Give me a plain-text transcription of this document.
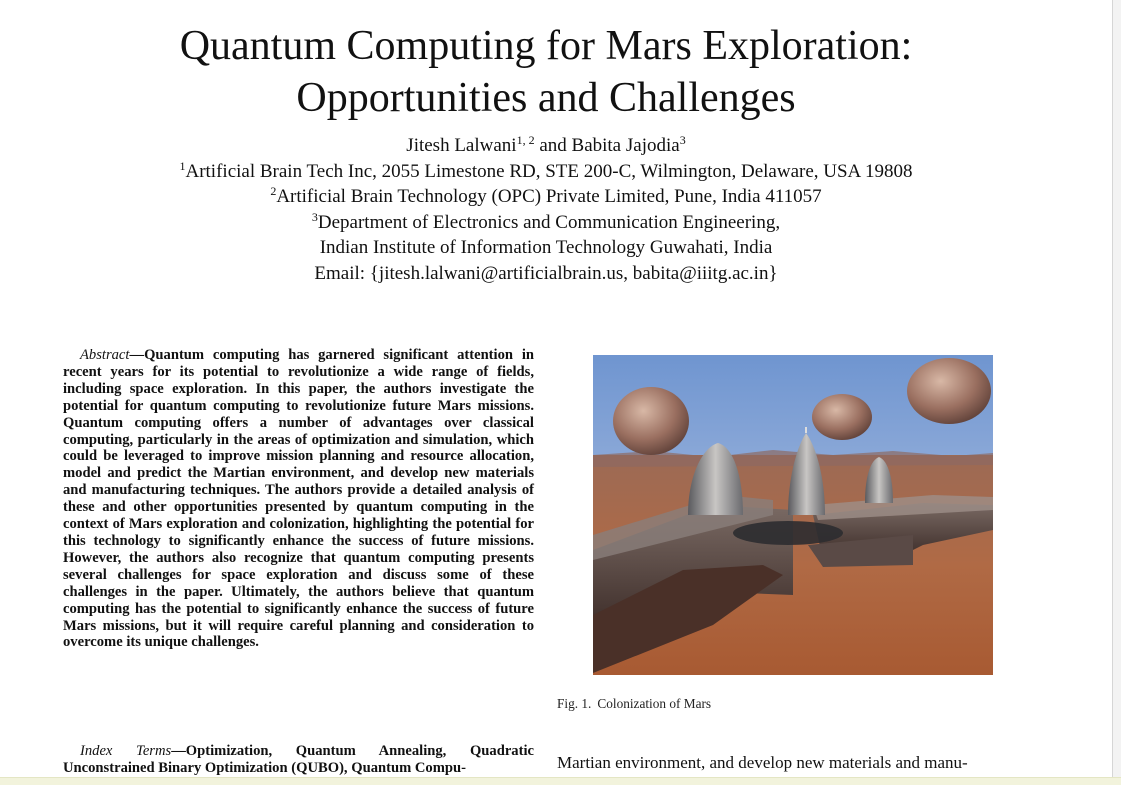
Quantum Computing for Mars Exploration:
Opportunities and Challenges
Jitesh Lalwani$^{1, 2}$ and Babita Jajodia$^3$
$^1$Artificial Brain Tech Inc, 2055 Limestone RD, STE 200-C, Wilmington, Delaware, USA 19808
$^2$Artificial Brain Technology (OPC) Private Limited, Pune, India 411057
$^3$Department of Electronics and Communication Engineering,
Indian Institute of Information Technology Guwahati, India
Email: {jitesh.lalwani@artificialbrain.us, babita@iiitg.ac.in}

Abstract—Quantum computing has garnered significant attention in recent years for its potential to revolutionize a wide range of fields, including space exploration. In this paper, the authors investigate the potential for quantum computing to revolutionize future Mars missions. Quantum computing offers a number of advantages over classical computing, particularly in the areas of optimization and simulation, which could be leveraged to improve mission planning and resource allocation, model and predict the Martian environment, and develop new materials and manufacturing techniques. The authors provide a detailed analysis of these and other opportunities presented by quantum computing in the context of Mars exploration and colonization, highlighting the potential for this technology to significantly enhance the success of future missions. However, the authors also recognize that quantum computing presents several challenges for space exploration and discuss some of these challenges in the paper. Ultimately, the authors believe that quantum computing has the potential to significantly enhance the success of future Mars missions, but it will require careful planning and consideration to overcome its unique challenges.

Index Terms—Optimization, Quantum Annealing, Quadratic Unconstrained Binary Optimization (QUBO), Quantum Compu-

Fig. 1. Colonization of Mars

Martian environment, and develop new materials and manu-
